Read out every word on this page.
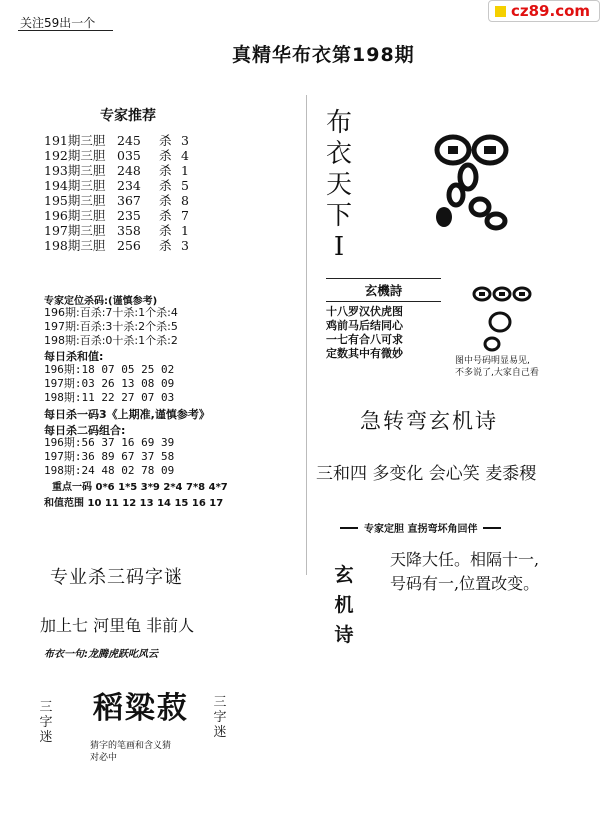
cz89.com
关注59出一个
真精华布衣第198期
专家推荐
191期三胆 245	杀 3
192期三胆 035	杀 4
193期三胆 248	杀 1
194期三胆 234	杀 5
195期三胆 367	杀 8
196期三胆 235	杀 7
197期三胆 358	杀 1
198期三胆 256	杀 3
布
衣
天
下
I
玄機詩
十八罗汉伏虎图
鸡前马后结同心
一七有合八可求
定数其中有微妙
图中号码明显易见,
不多说了,大家自己看
专家定位杀码:(谨慎参考)
196期:百杀:7十杀:1个杀:4
197期:百杀:3十杀:2个杀:5
198期:百杀:0十杀:1个杀:2
每日杀和值:
196期:18 07 05 25 02
197期:03 26 13 08 09
198期:11 22 27 07 03
每日杀一码3《上期准,谨慎参考》
每日杀二码组合:
196期:56 37 16 69 39
197期:36 89 67 37 58
198期:24 48 02 78 09
重点一码 0*6 1*5 3*9 2*4 7*8 4*7
和值范围 10 11 12 13 14 15 16 17
急转弯玄机诗
三和四 多变化 会心笑 麦黍稷
专家定胆 直拐弯坏角回伴
玄
机
诗
天降大任。相隔十一,
号码有一,位置改变。
专业杀三码字谜
加上七 河里龟 非前人
布衣一句:龙腾虎跃叱风云
三
字
迷
稻粱菽
猜字的笔画和含义猜
对必中
三
字
迷
